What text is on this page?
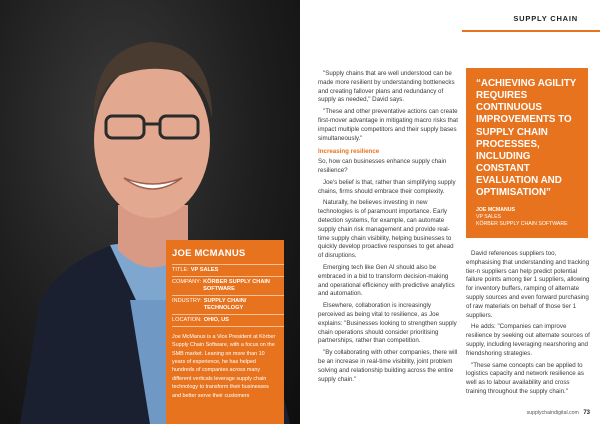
JOE MCMANUS
TITLE: VP SALES
COMPANY: KÖRBER SUPPLY CHAIN SOFTWARE
INDUSTRY: SUPPLY CHAIN/ TECHNOLOGY
LOCATION: OHIO, US
Joe McManus is a Vice President at Körber Supply Chain Software, with a focus on the SMB market. Leaning on more than 10 years of experience, he has helped hundreds of companies across many different verticals leverage supply chain technology to transform their businesses and better serve their customers

"Supply chains that are well understood can be made more resilient by understanding bottlenecks and creating fallover plans and redundancy of supply as needed," David says.

"These and other preventative actions can create first-mover advantage in mitigating macro risks that impact multiple competitors and their supply bases simultaneously."

Increasing resilience

So, how can businesses enhance supply chain resilience?

Joe's belief is that, rather than simplifying supply chains, firms should embrace their complexity.

Naturally, he believes investing in new technologies is of paramount importance. Early detection systems, for example, can automate supply chain risk management and provide real-time supply chain visibility, helping businesses to quickly develop proactive responses to get ahead of disruptions.

Emerging tech like Gen AI should also be embraced in a bid to transform decision-making and operational efficiency with predictive analytics and automation.

Elsewhere, collaboration is increasingly perceived as being vital to resilience, as Joe explains: "Businesses looking to strengthen supply chain operations should consider prioritising partnerships, rather than competition.

"By collaborating with other companies, there will be an increase in real-time visibility, joint problem solving and relationship building across the entire supply chain."

SUPPLY CHAIN
“ACHIEVING AGILITY REQUIRES CONTINUOUS IMPROVEMENTS TO SUPPLY CHAIN PROCESSES, INCLUDING CONSTANT EVALUATION AND OPTIMISATION”
JOE MCMANUS
VP SALES
KÖRBER SUPPLY CHAIN SOFTWARE

David references suppliers too, emphasising that understanding and tracking tier-n suppliers can help predict potential failure points among tier 1 suppliers, allowing for inventory buffers, ramping of alternate supply sources and even forward purchasing of raw materials on behalf of those tier 1 suppliers.

He adds: "Companies can improve resilience by seeking out alternate sources of supply, including leveraging nearshoring and friendshoring strategies.

"These same concepts can be applied to logistics capacity and network resilience as well as to labour availability and cross training throughout the supply chain."

supplychaindigital.com 73
